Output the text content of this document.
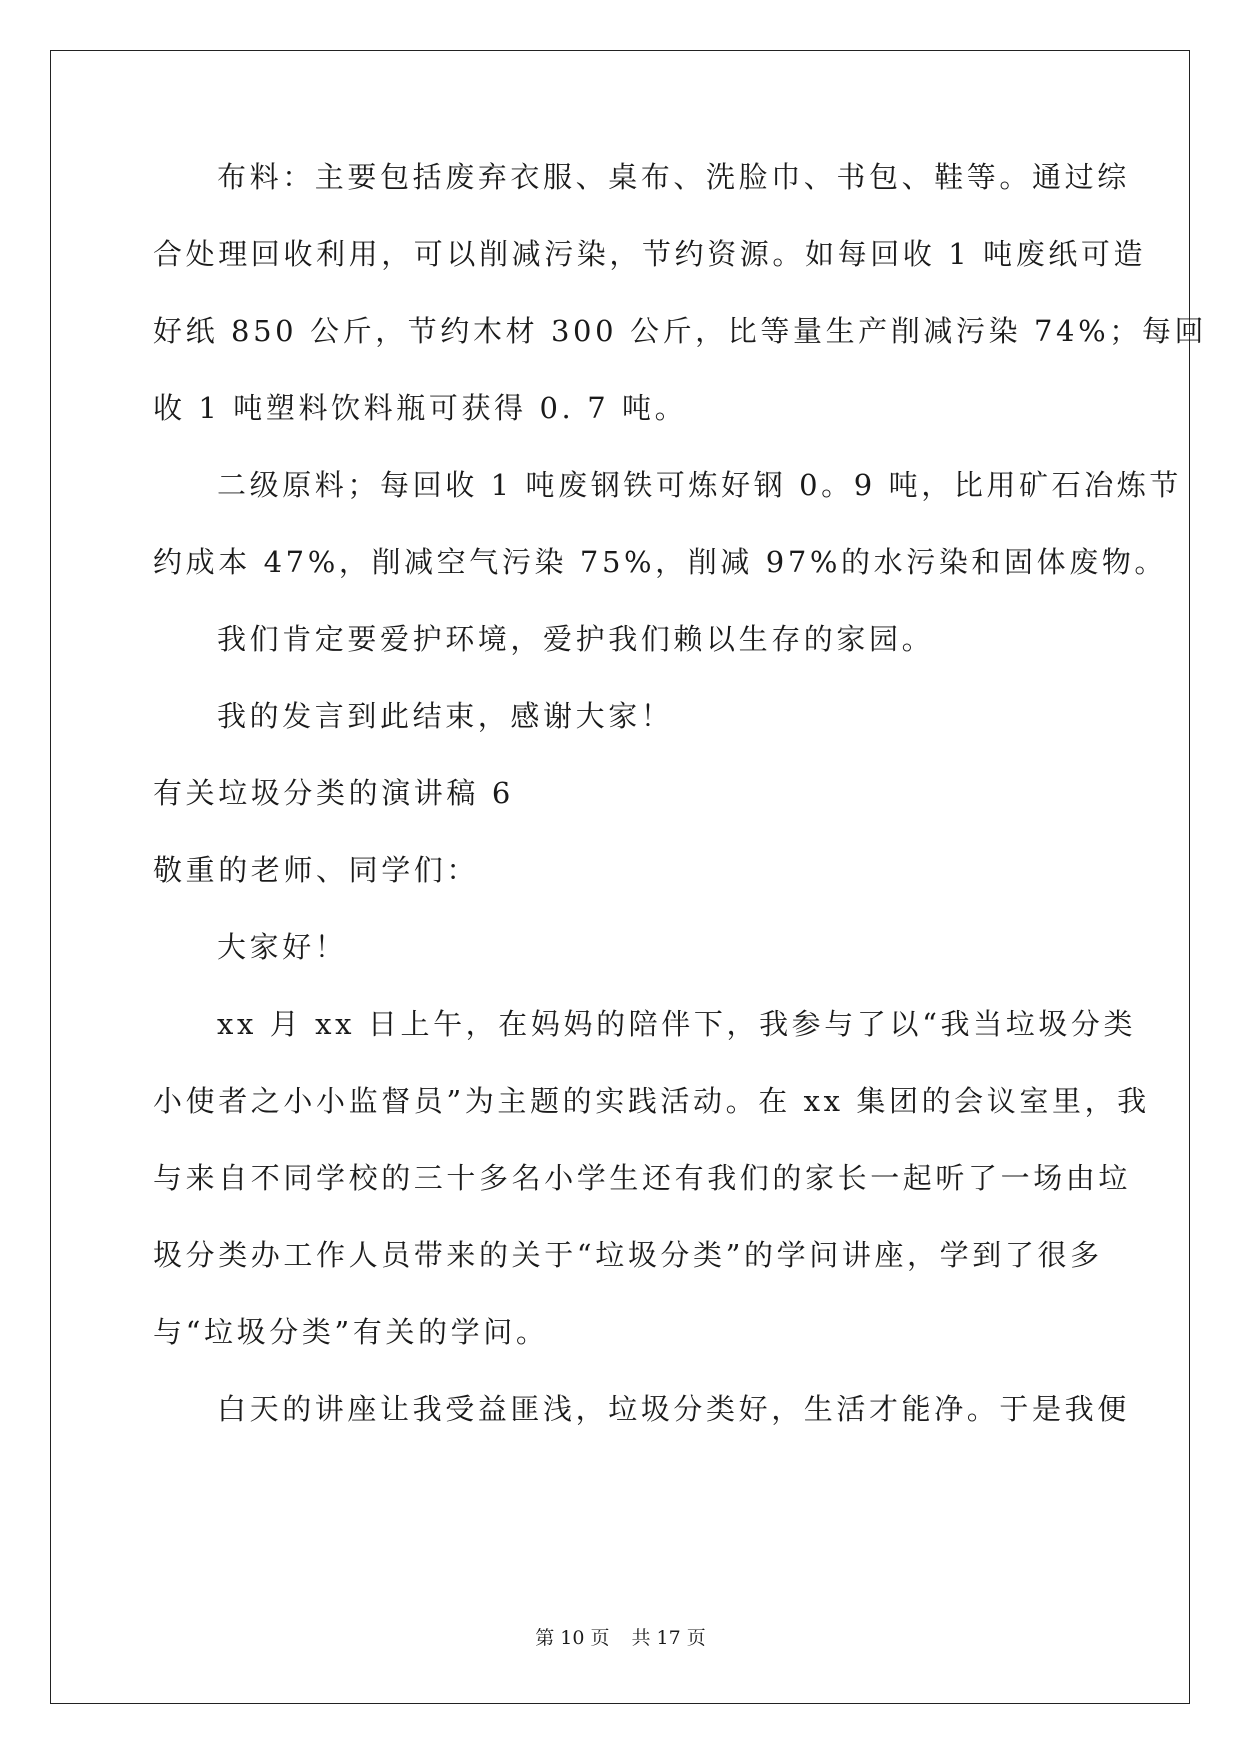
布料：主要包括废弃衣服、桌布、洗脸巾、书包、鞋等。通过综
合处理回收利用，可以削减污染，节约资源。如每回收 1 吨废纸可造
好纸 850 公斤，节约木材 300 公斤，比等量生产削减污染 74%；每回
收 1 吨塑料饮料瓶可获得 0. 7 吨。
二级原料；每回收 1 吨废钢铁可炼好钢 0。9 吨，比用矿石冶炼节
约成本 47%，削减空气污染 75%，削减 97%的水污染和固体废物。
我们肯定要爱护环境，爱护我们赖以生存的家园。
我的发言到此结束，感谢大家！
有关垃圾分类的演讲稿 6
敬重的老师、同学们：
大家好！
xx 月 xx 日上午，在妈妈的陪伴下，我参与了以“我当垃圾分类
小使者之小小监督员”为主题的实践活动。在 xx 集团的会议室里，我
与来自不同学校的三十多名小学生还有我们的家长一起听了一场由垃
圾分类办工作人员带来的关于“垃圾分类”的学问讲座，学到了很多
与“垃圾分类”有关的学问。
白天的讲座让我受益匪浅，垃圾分类好，生活才能净。于是我便
第 10 页 共 17 页
